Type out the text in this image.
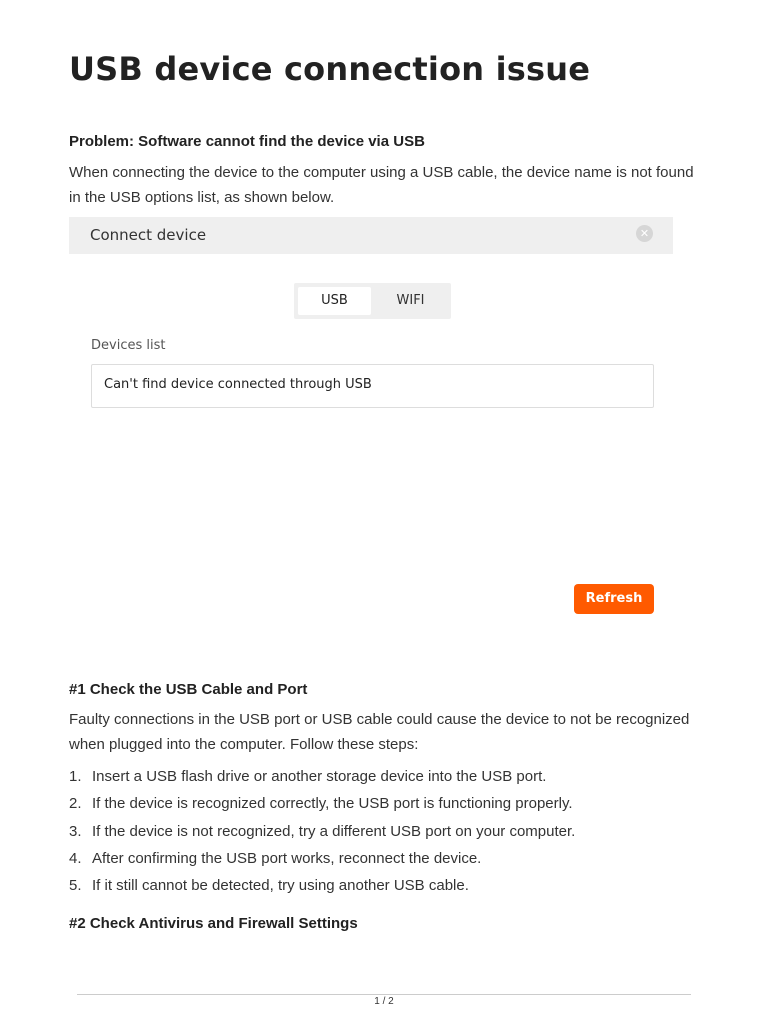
USB device connection issue
Problem: Software cannot find the device via USB

When connecting the device to the computer using a USB cable, the device name is not found in the USB options list, as shown below.

Connect device	✕
USB	WIFI
Devices list
Can't find device connected through USB
Refresh
#1 Check the USB Cable and Port

Faulty connections in the USB port or USB cable could cause the device to not be recognized when plugged into the computer. Follow these steps:

1. Insert a USB flash drive or another storage device into the USB port.
2. If the device is recognized correctly, the USB port is functioning properly.
3. If the device is not recognized, try a different USB port on your computer.
4. After confirming the USB port works, reconnect the device.
5. If it still cannot be detected, try using another USB cable.
#2 Check Antivirus and Firewall Settings
1 / 2
